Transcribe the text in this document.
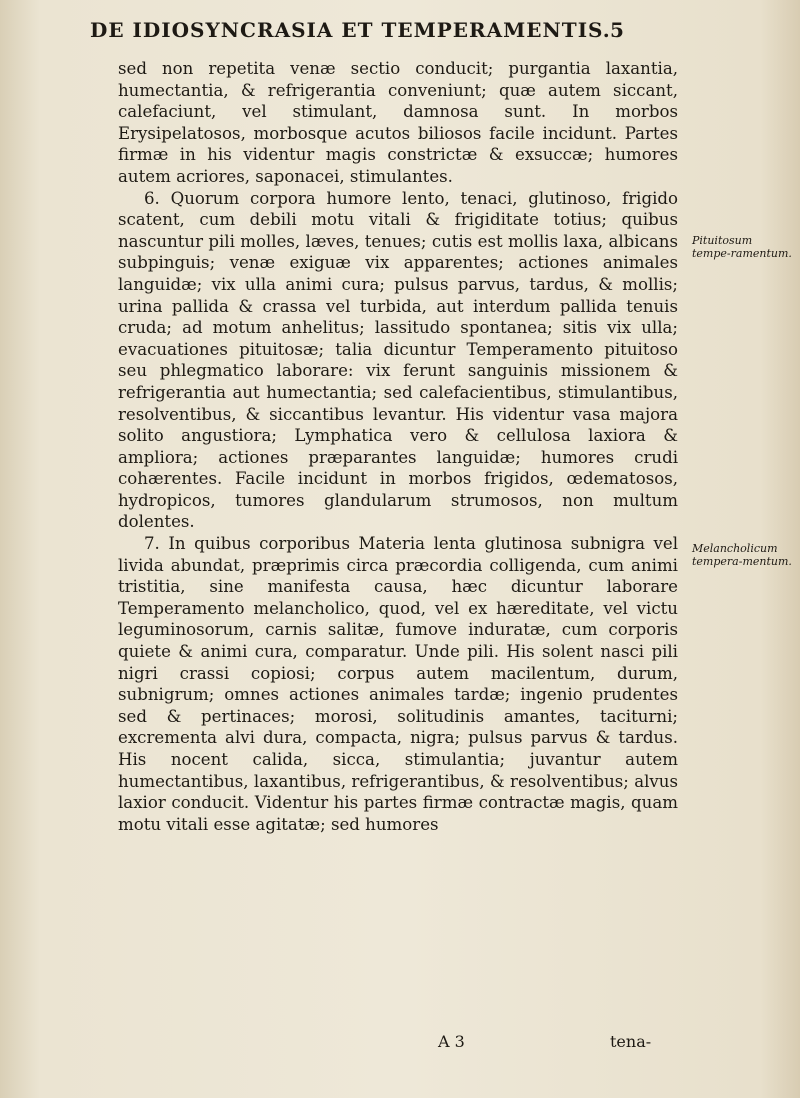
DE IDIOSYNCRASIA ET TEMPERAMENTIS. 5

sed non repetita venæ sectio conducit; purgantia laxantia, humectantia, & refrigerantia conveniunt; quæ autem siccant, calefaciunt, vel stimulant, damnosa sunt. In morbos Erysipelatosos, morbosque acutos biliosos facile incidunt. Partes firmæ in his videntur magis constrictæ & exsuccæ; humores autem acriores, saponacei, stimulantes.

6. Quorum corpora humore lento, tenaci, glutinoso, frigido scatent, cum debili motu vitali & frigiditate totius; quibus nascuntur pili molles, læves, tenues; cutis est mollis laxa, albicans subpinguis; venæ exiguæ vix apparentes; actiones animales languidæ; vix ulla animi cura; pulsus parvus, tardus, & mollis; urina pallida & crassa vel turbida, aut interdum pallida tenuis cruda; ad motum anhelitus; lassitudo spontanea; sitis vix ulla; evacuationes pituitosæ; talia dicuntur Temperamento pituitoso seu phlegmatico laborare: vix ferunt sanguinis missionem & refrigerantia aut humectantia; sed calefacientibus, stimulantibus, resolventibus, & siccantibus levantur. His videntur vasa majora solito angustiora; Lymphatica vero & cellulosa laxiora & ampliora; actiones præparantes languidæ; humores crudi cohærentes. Facile incidunt in morbos frigidos, œdematosos, hydropicos, tumores glandularum strumosos, non multum dolentes.

7. In quibus corporibus Materia lenta glutinosa subnigra vel livida abundat, præprimis circa præcordia colligenda, cum animi tristitia, sine manifesta causa, hæc dicuntur laborare Temperamento melancholico, quod, vel ex hæreditate, vel victu leguminosorum, carnis salitæ, fumove induratæ, cum corporis quiete & animi cura, comparatur. Unde pili. His solent nasci pili nigri crassi copiosi; corpus autem macilentum, durum, subnigrum; omnes actiones animales tardæ; ingenio prudentes sed & pertinaces; morosi, solitudinis amantes, taciturni; excrementa alvi dura, compacta, nigra; pulsus parvus & tardus. His nocent calida, sicca, stimulantia; juvantur autem humectantibus, laxantibus, refrigerantibus, & resolventibus; alvus laxior conducit. Videntur his partes firmæ contractæ magis, quam motu vitali esse agitatæ; sed humores

Pituitosum tempe-ramentum.
Melancholicum tempera-mentum.
A 3	tena-
